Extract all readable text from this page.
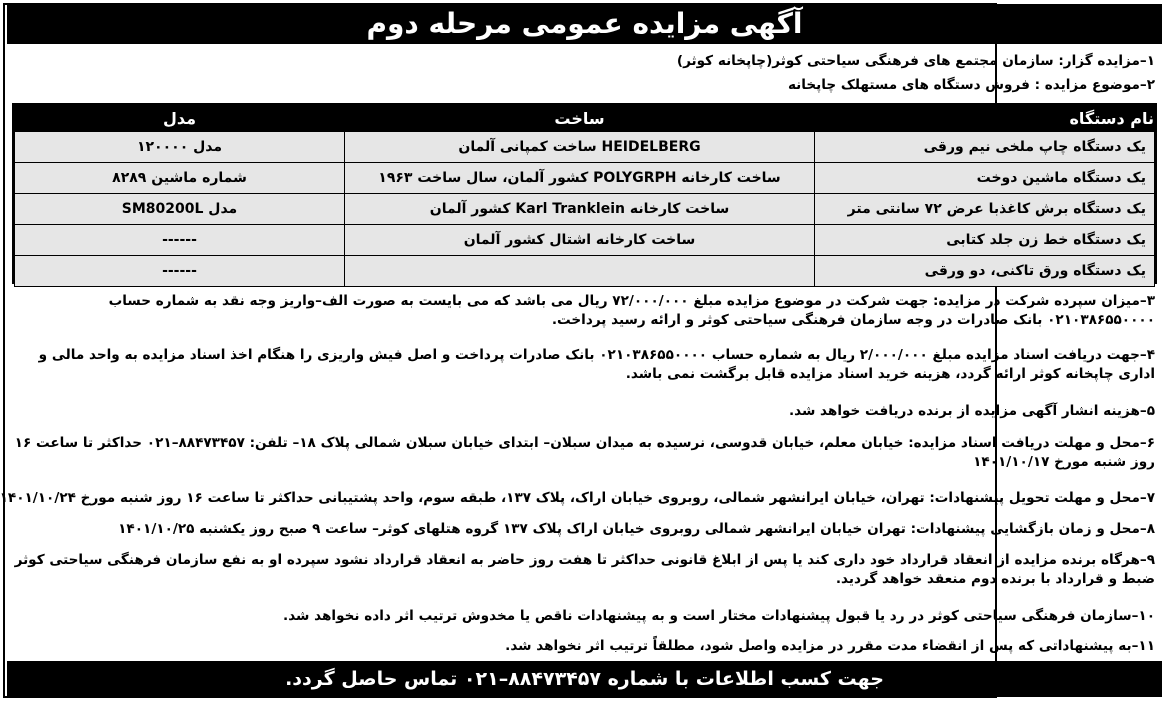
آگهی مزایده عمومی مرحله دوم
۱–مزایده گزار: سازمان مجتمع های فرهنگی سیاحتی کوثر(چاپخانه کوثر)
۲–موضوع مزایده : فروش دستگاه های مستهلک چاپخانه
نام دستگاه	ساخت	مدل
یک دستگاه چاپ ملخی نیم ورقی	HEIDELBERG ساخت کمپانی آلمان	مدل ۱۲۰۰۰۰
یک دستگاه ماشین دوخت	ساخت کارخانه POLYGRPH کشور آلمان، سال ساخت ۱۹۶۳	شماره ماشین ۸۲۸۹
یک دستگاه برش کاغذبا عرض ۷۲ سانتی متر	ساخت کارخانه Karl Tranklein کشور آلمان	مدل SM80200L
یک دستگاه خط زن جلد کتابی	ساخت کارخانه اشتال کشور آلمان	------
یک دستگاه ورق تاکنی، دو ورقی		------
۳–میزان سپرده شرکت در مزایده: جهت شرکت در موضوع مزایده مبلغ ۷۲/۰۰۰/۰۰۰ ریال می باشد که می بایست به صورت الف–واریز وجه نقد به شماره حساب ۰۲۱۰۳۸۶۵۵۰۰۰۰ بانک صادرات در وجه سازمان فرهنگی سیاحتی کوثر و ارائه رسید پرداخت.
۴–جهت دریافت اسناد مزایده مبلغ ۲/۰۰۰/۰۰۰ ریال به شماره حساب ۰۲۱۰۳۸۶۵۵۰۰۰۰ بانک صادرات پرداخت و اصل فیش واریزی را هنگام اخذ اسناد مزایده به واحد مالی و اداری چاپخانه کوثر ارائه گردد، هزینه خرید اسناد مزایده قابل برگشت نمی باشد.
۵–هزینه انشار آگهی مزایده از برنده دریافت خواهد شد.
۶–محل و مهلت دریافت اسناد مزایده: خیابان معلم، خیابان قدوسی، نرسیده به میدان سبلان– ابتدای خیابان سبلان شمالی پلاک ۱۸– تلفن: ۸۸۴۷۳۴۵۷–۰۲۱ حداکثر تا ساعت ۱۶ روز شنبه مورخ ۱۴۰۱/۱۰/۱۷
۷–محل و مهلت تحویل پیشنهادات: تهران، خیابان ایرانشهر شمالی، روبروی خیابان اراک، پلاک ۱۳۷، طبقه سوم، واحد پشتیبانی حداکثر تا ساعت ۱۶ روز شنبه مورخ ۱۴۰۱/۱۰/۲۴
۸–محل و زمان بازگشایی پیشنهادات: تهران خیابان ایرانشهر شمالی روبروی خیابان اراک پلاک ۱۳۷ گروه هتلهای کوثر– ساعت ۹ صبح روز یکشنبه ۱۴۰۱/۱۰/۲۵
۹–هرگاه برنده مزایده از انعقاد قرارداد خود داری کند یا پس از ابلاغ قانونی حداکثر تا هفت روز حاضر به انعقاد قرارداد نشود سپرده او به نفع سازمان فرهنگی سیاحتی کوثر ضبط و قرارداد با برنده دوم منعقد خواهد گردید.
۱۰–سازمان فرهنگی سیاحتی کوثر در رد یا قبول پیشنهادات مختار است و به پیشنهادات ناقص یا مخدوش ترتیب اثر داده نخواهد شد.
۱۱–به پیشنهاداتی که پس از انقضاء مدت مقرر در مزایده واصل شود، مطلقاً ترتیب اثر نخواهد شد.
جهت کسب اطلاعات با شماره ۸۸۴۷۳۴۵۷–۰۲۱ تماس حاصل گردد.
